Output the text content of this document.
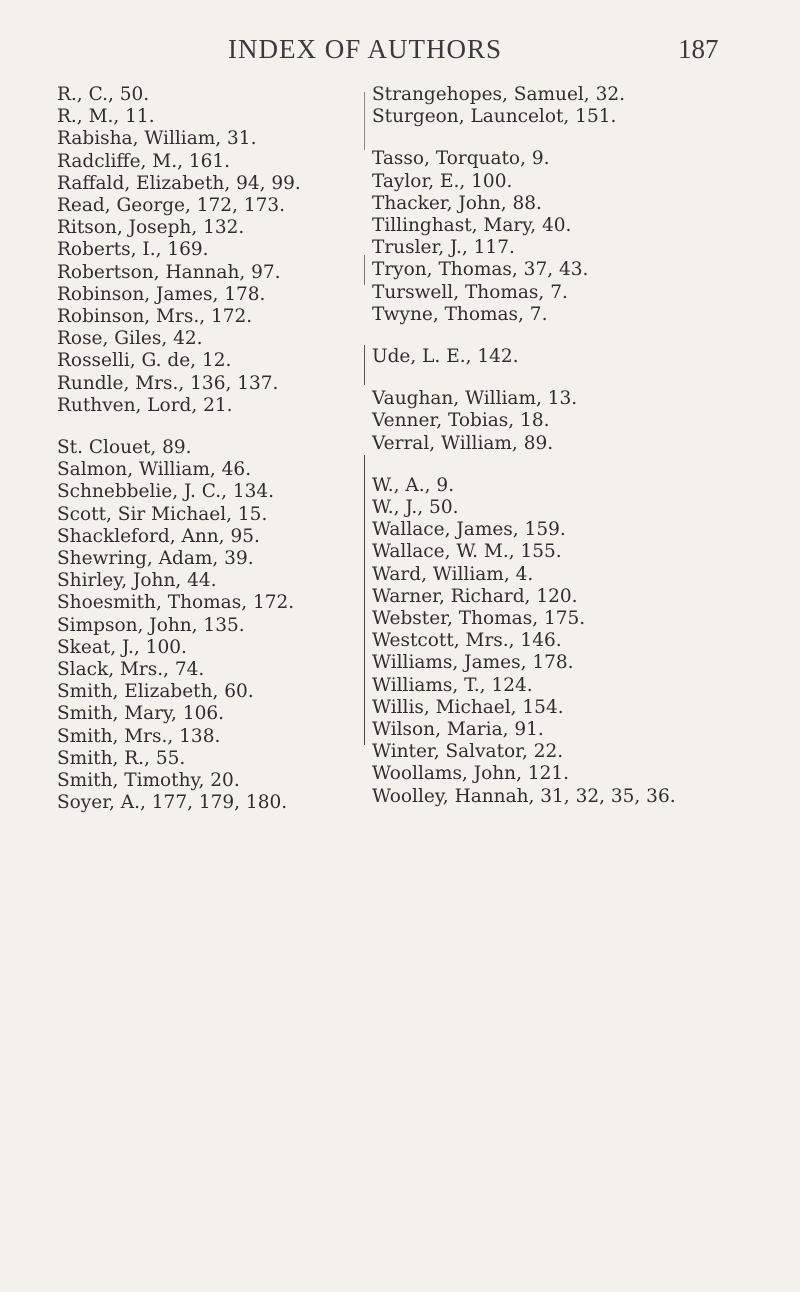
INDEX OF AUTHORS	187
R., C., 50.
R., M., 11.
Rabisha, William, 31.
Radcliffe, M., 161.
Raffald, Elizabeth, 94, 99.
Read, George, 172, 173.
Ritson, Joseph, 132.
Roberts, I., 169.
Robertson, Hannah, 97.
Robinson, James, 178.
Robinson, Mrs., 172.
Rose, Giles, 42.
Rosselli, G. de, 12.
Rundle, Mrs., 136, 137.
Ruthven, Lord, 21.
St. Clouet, 89.
Salmon, William, 46.
Schnebbelie, J. C., 134.
Scott, Sir Michael, 15.
Shackleford, Ann, 95.
Shewring, Adam, 39.
Shirley, John, 44.
Shoesmith, Thomas, 172.
Simpson, John, 135.
Skeat, J., 100.
Slack, Mrs., 74.
Smith, Elizabeth, 60.
Smith, Mary, 106.
Smith, Mrs., 138.
Smith, R., 55.
Smith, Timothy, 20.
Soyer, A., 177, 179, 180.
Strangehopes, Samuel, 32.
Sturgeon, Launcelot, 151.
Tasso, Torquato, 9.
Taylor, E., 100.
Thacker, John, 88.
Tillinghast, Mary, 40.
Trusler, J., 117.
Tryon, Thomas, 37, 43.
Turswell, Thomas, 7.
Twyne, Thomas, 7.
Ude, L. E., 142.
Vaughan, William, 13.
Venner, Tobias, 18.
Verral, William, 89.
W., A., 9.
W., J., 50.
Wallace, James, 159.
Wallace, W. M., 155.
Ward, William, 4.
Warner, Richard, 120.
Webster, Thomas, 175.
Westcott, Mrs., 146.
Williams, James, 178.
Williams, T., 124.
Willis, Michael, 154.
Wilson, Maria, 91.
Winter, Salvator, 22.
Woollams, John, 121.
Woolley, Hannah, 31, 32, 35, 36.
